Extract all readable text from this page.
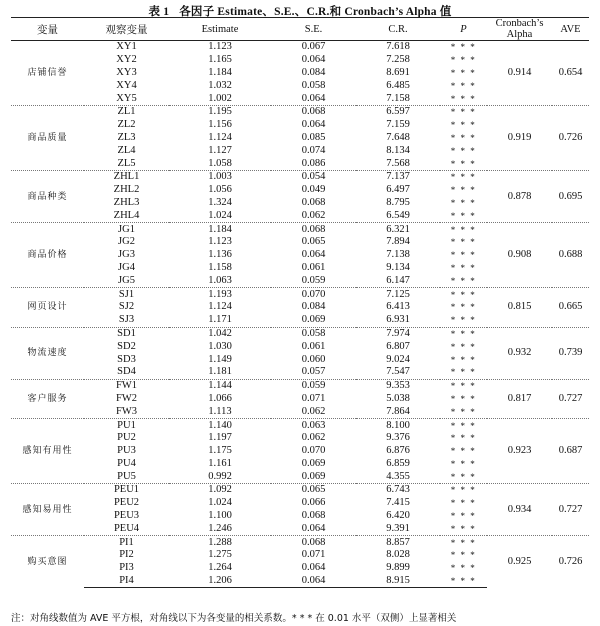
表 1 各因子 Estimate、S.E.、C.R.和 Cronbach’s Alpha 值
变量	观察变量	Estimate	S.E.	C.R.	P	Cronbach’s Alpha	AVE
店铺信誉	XY1	1.123	0.067	7.618	* * *	0.914	0.654
	XY2	1.165	0.064	7.258	* * *		
	XY3	1.184	0.084	8.691	* * *		
	XY4	1.032	0.058	6.485	* * *		
	XY5	1.002	0.064	7.158	* * *		
商品质量	ZL1	1.195	0.068	6.597	* * *	0.919	0.726
	ZL2	1.156	0.064	7.159	* * *		
	ZL3	1.124	0.085	7.648	* * *		
	ZL4	1.127	0.074	8.134	* * *		
	ZL5	1.058	0.086	7.568	* * *		
商品种类	ZHL1	1.003	0.054	7.137	* * *	0.878	0.695
	ZHL2	1.056	0.049	6.497	* * *		
	ZHL3	1.324	0.068	8.795	* * *		
	ZHL4	1.024	0.062	6.549	* * *		
商品价格	JG1	1.184	0.068	6.321	* * *	0.908	0.688
	JG2	1.123	0.065	7.894	* * *		
	JG3	1.136	0.064	7.138	* * *		
	JG4	1.158	0.061	9.134	* * *		
	JG5	1.063	0.059	6.147	* * *		
网页设计	SJ1	1.193	0.070	7.125	* * *	0.815	0.665
	SJ2	1.124	0.084	6.413	* * *		
	SJ3	1.171	0.069	6.931	* * *		
物流速度	SD1	1.042	0.058	7.974	* * *	0.932	0.739
	SD2	1.030	0.061	6.807	* * *		
	SD3	1.149	0.060	9.024	* * *		
	SD4	1.181	0.057	7.547	* * *		
客户服务	FW1	1.144	0.059	9.353	* * *	0.817	0.727
	FW2	1.066	0.071	5.038	* * *		
	FW3	1.113	0.062	7.864	* * *		
感知有用性	PU1	1.140	0.063	8.100	* * *	0.923	0.687
	PU2	1.197	0.062	9.376	* * *		
	PU3	1.175	0.070	6.876	* * *		
	PU4	1.161	0.069	6.859	* * *		
	PU5	0.992	0.069	4.355	* * *		
感知易用性	PEU1	1.092	0.065	6.743	* * *	0.934	0.727
	PEU2	1.024	0.066	7.415	* * *		
	PEU3	1.100	0.068	6.420	* * *		
	PEU4	1.246	0.064	9.391	* * *		
购买意图	PI1	1.288	0.068	8.857	* * *	0.925	0.726
	PI2	1.275	0.071	8.028	* * *		
	PI3	1.264	0.064	9.899	* * *		
	PI4	1.206	0.064	8.915	* * *		
注：对角线数值为 AVE 平方根，对角线以下为各变量的相关系数。* * * 在 0.01 水平（双侧）上显著相关
